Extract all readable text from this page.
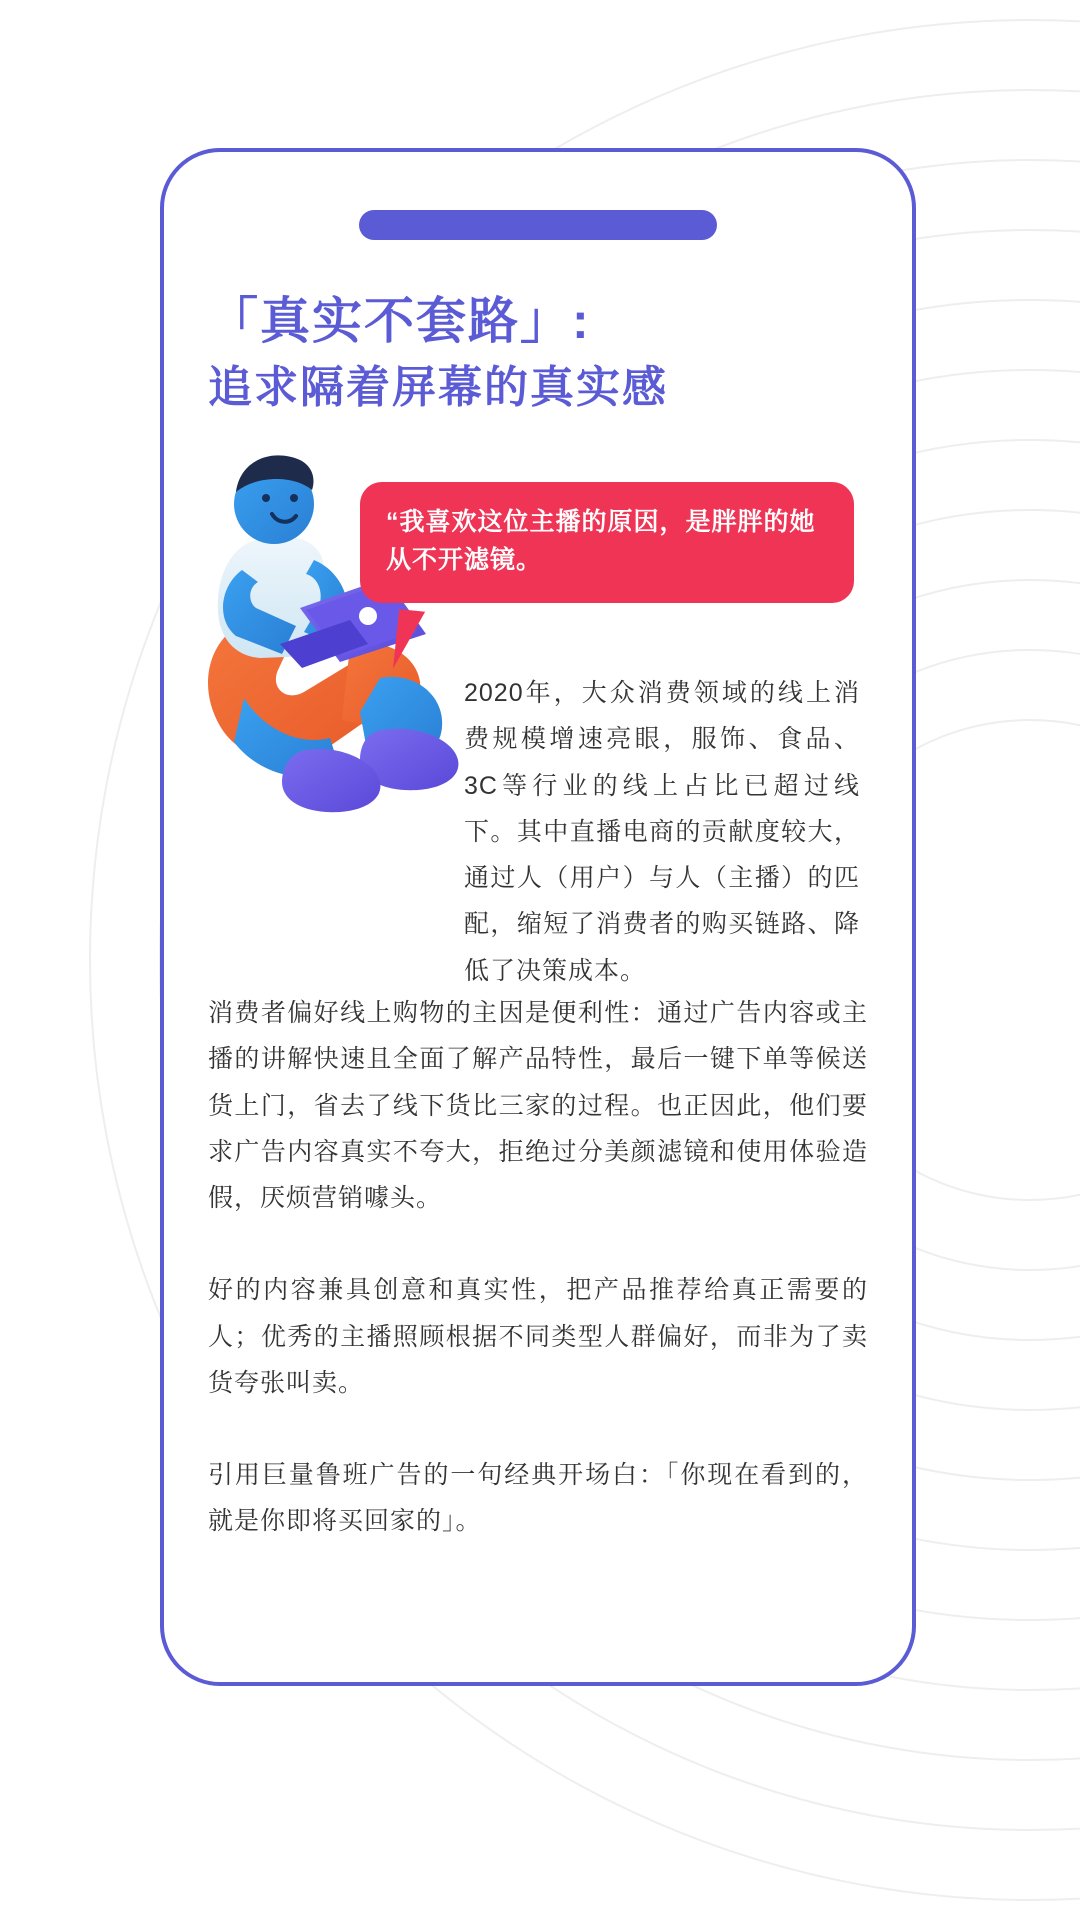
「真实不套路」:
追求隔着屏幕的真实感
“我喜欢这位主播的原因，是胖胖的她从不开滤镜。
2020年，大众消费领域的线上消费规模增速亮眼，服饰、食品、3C等行业的线上占比已超过线下。其中直播电商的贡献度较大，通过人（用户）与人（主播）的匹配，缩短了消费者的购买链路、降低了决策成本。

消费者偏好线上购物的主因是便利性：通过广告内容或主播的讲解快速且全面了解产品特性，最后一键下单等候送货上门，省去了线下货比三家的过程。也正因此，他们要求广告内容真实不夸大，拒绝过分美颜滤镜和使用体验造假，厌烦营销噱头。

好的内容兼具创意和真实性，把产品推荐给真正需要的人；优秀的主播照顾根据不同类型人群偏好，而非为了卖货夸张叫卖。

引用巨量鲁班广告的一句经典开场白：「你现在看到的，就是你即将买回家的」。
